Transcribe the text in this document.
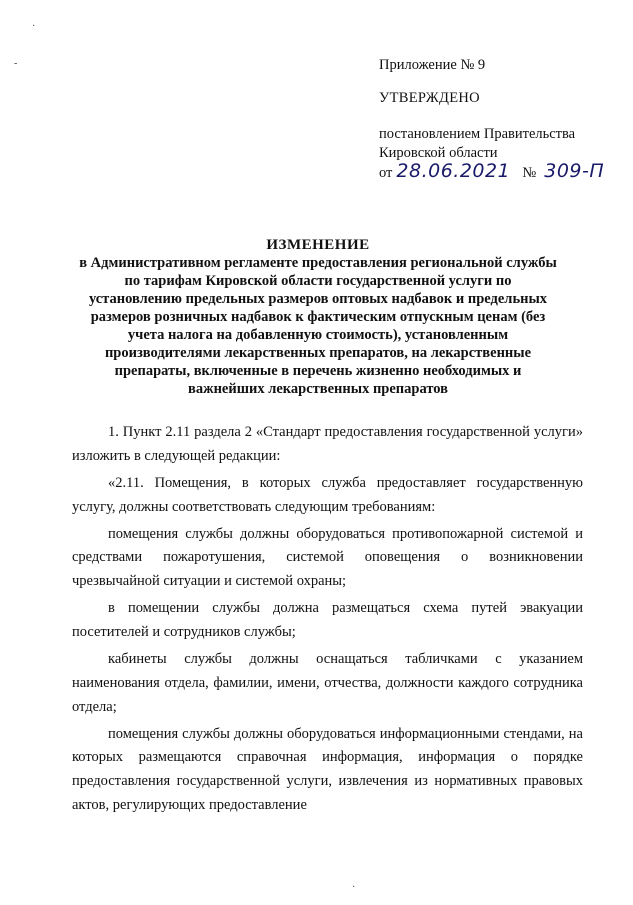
·
-	Приложение № 9
УТВЕРЖДЕНО
постановлением Правительства Кировской области
от 28.06.2021 № 309-П
ИЗМЕНЕНИЕ
в Административном регламенте предоставления региональной службы по тарифам Кировской области государственной услуги по установлению предельных размеров оптовых надбавок и предельных размеров розничных надбавок к фактическим отпускным ценам (без учета налога на добавленную стоимость), установленным производителями лекарственных препаратов, на лекарственные препараты, включенные в перечень жизненно необходимых и важнейших лекарственных препаратов

1. Пункт 2.11 раздела 2 «Стандарт предоставления государственной услуги» изложить в следующей редакции:

«2.11. Помещения, в которых служба предоставляет государственную услугу, должны соответствовать следующим требованиям:

помещения службы должны оборудоваться противопожарной системой и средствами пожаротушения, системой оповещения о возникновении чрезвычайной ситуации и системой охраны;

в помещении службы должна размещаться схема путей эвакуации посетителей и сотрудников службы;

кабинеты службы должны оснащаться табличками с указанием наименования отдела, фамилии, имени, отчества, должности каждого сотрудника отдела;

помещения службы должны оборудоваться информационными стендами, на которых размещаются справочная информация, информация о порядке предоставления государственной услуги, извлечения из нормативных правовых актов, регулирующих предоставление

·
